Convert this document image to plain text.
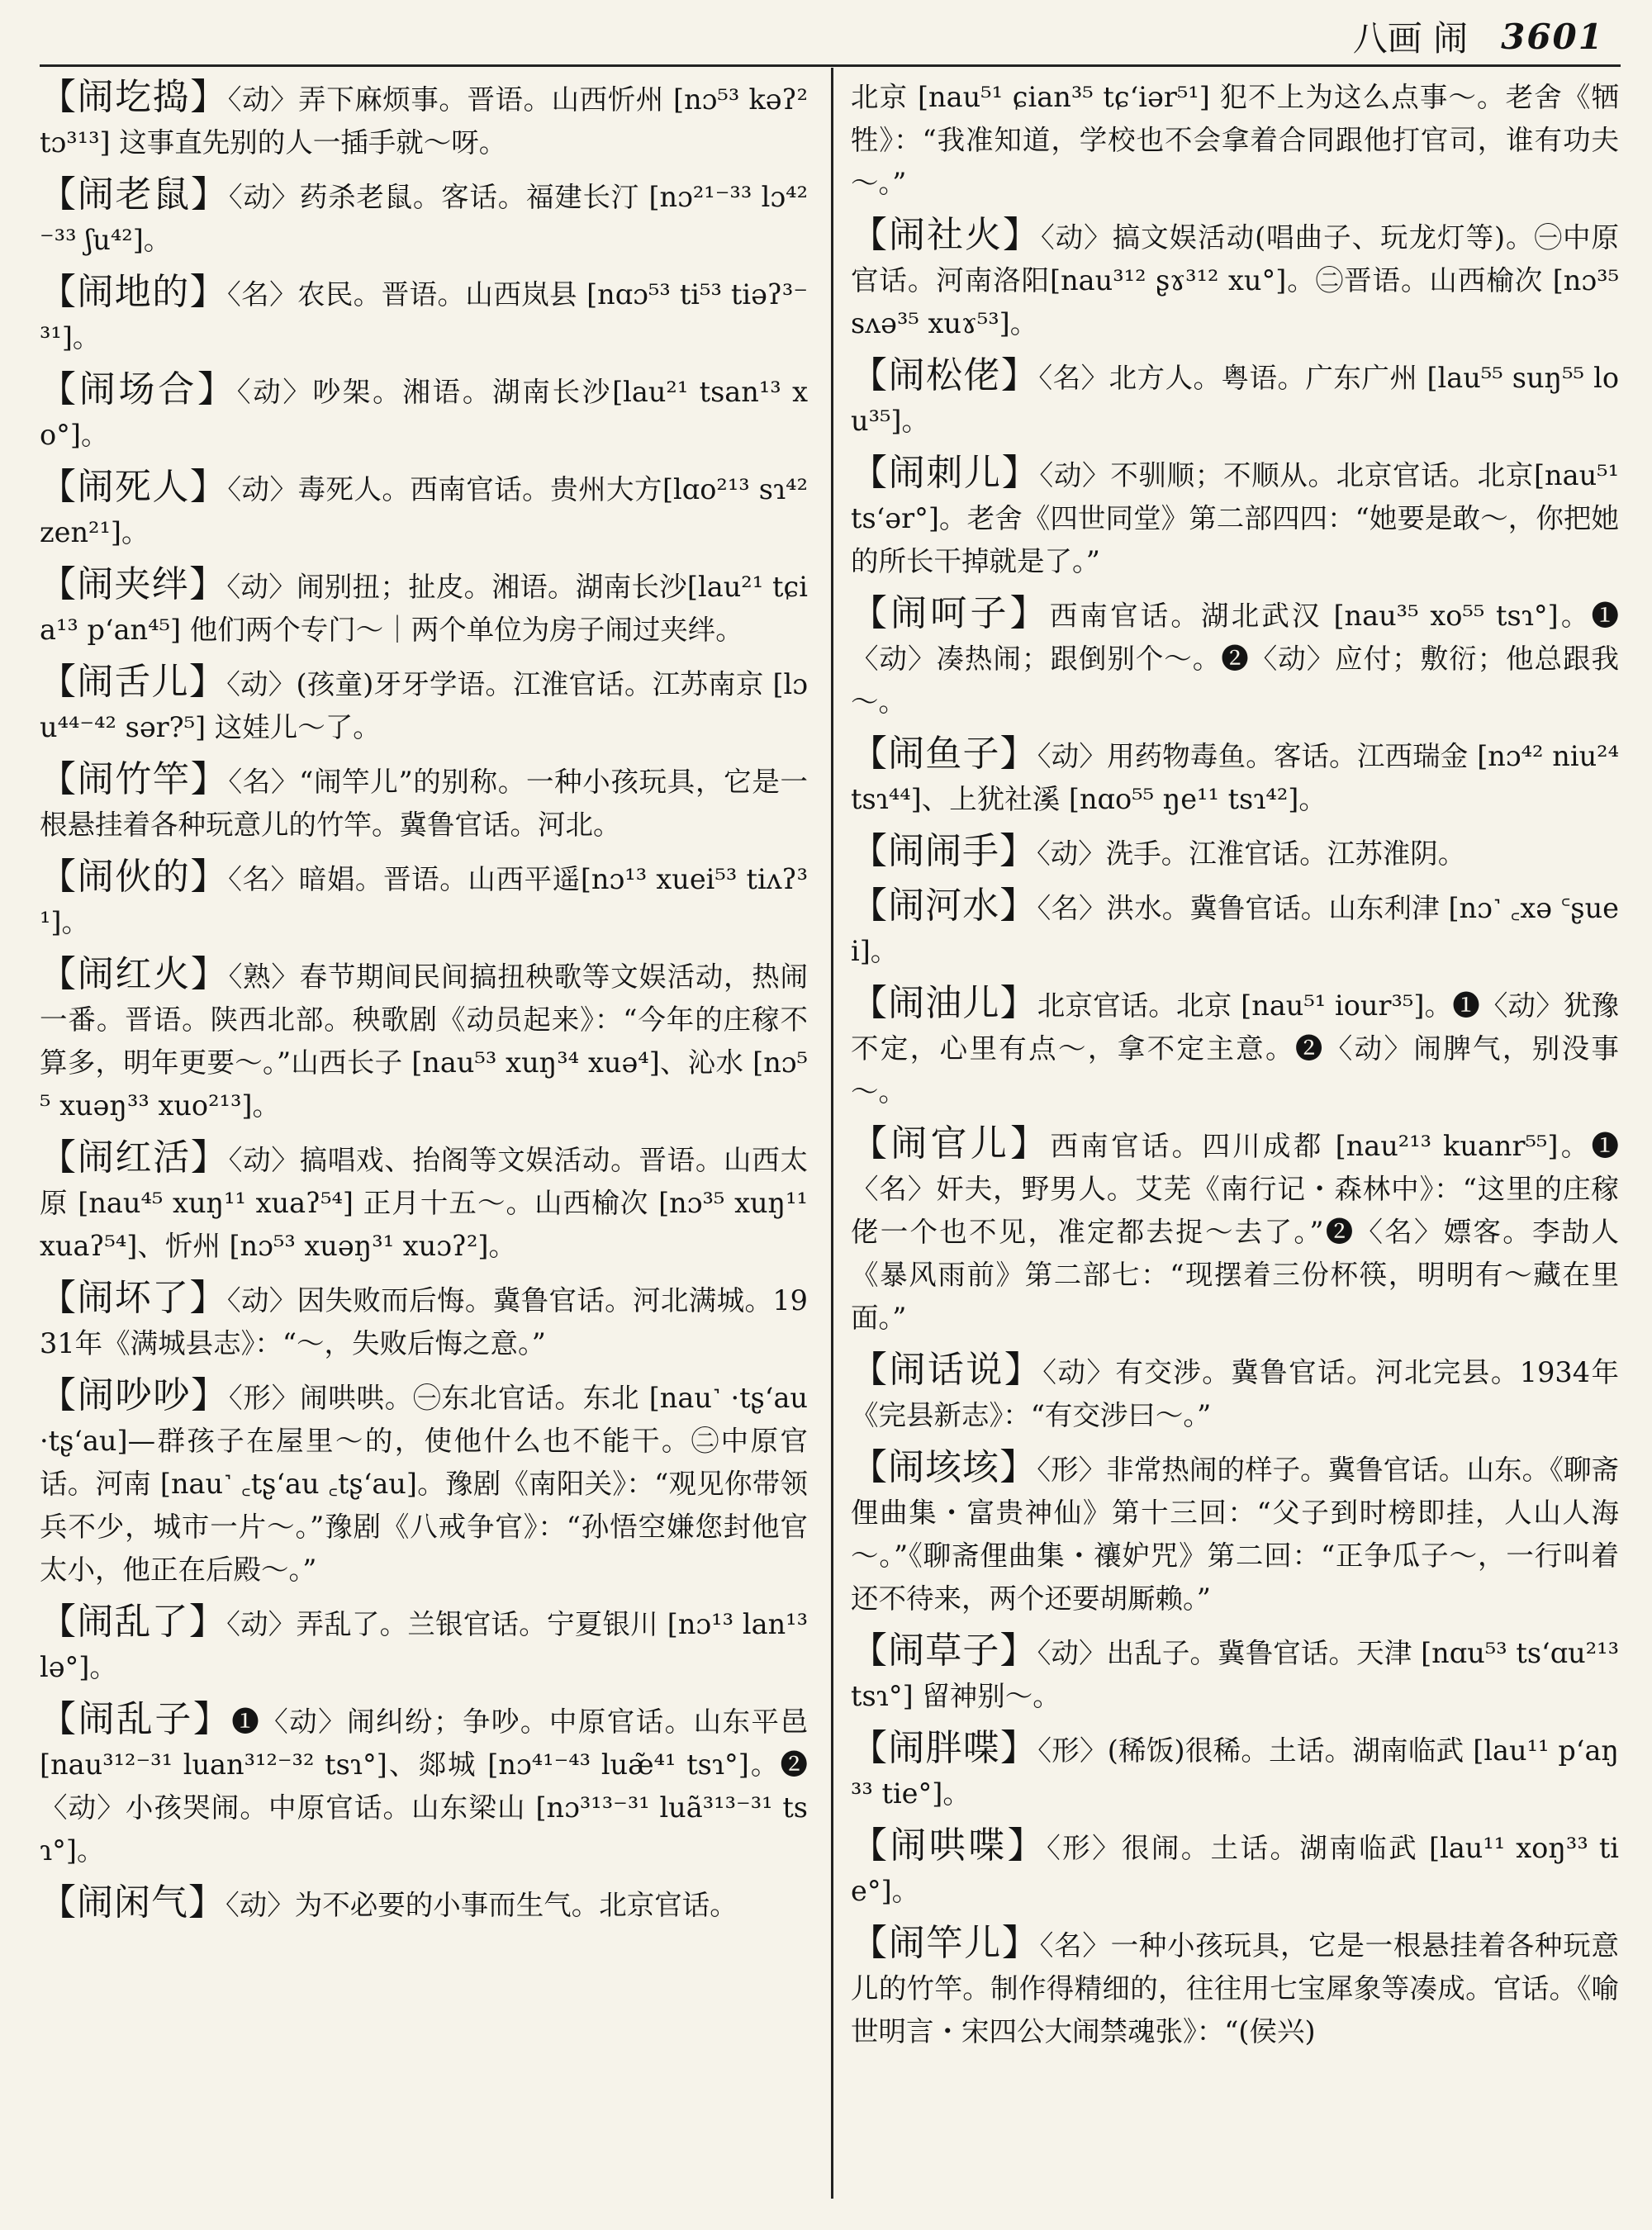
八画 闹 3601
【闹圪捣】〈动〉弄下麻烦事。晋语。山西忻州 [nɔ⁵³ kəʔ² tɔ³¹³] 这事直先别的人一插手就～呀。
【闹老鼠】〈动〉药杀老鼠。客话。福建长汀 [nɔ²¹⁻³³ lɔ⁴²⁻³³ ʃu⁴²]。
【闹地的】〈名〉农民。晋语。山西岚县 [nɑɔ⁵³ ti⁵³ tiəʔ³⁻³¹]。
【闹场合】〈动〉吵架。湘语。湖南长沙[lau²¹ tsan¹³ xo°]。
【闹死人】〈动〉毒死人。西南官话。贵州大方[lɑo²¹³ sɿ⁴² zen²¹]。
【闹夹绊】〈动〉闹别扭；扯皮。湘语。湖南长沙[lau²¹ tɕia¹³ p‘an⁴⁵] 他们两个专门～｜两个单位为房子闹过夹绊。
【闹舌儿】〈动〉(孩童)牙牙学语。江淮官话。江苏南京 [lɔu⁴⁴⁻⁴² sər?⁵] 这娃儿～了。
【闹竹竿】〈名〉“闹竿儿”的别称。一种小孩玩具，它是一根悬挂着各种玩意儿的竹竿。冀鲁官话。河北。
【闹伙的】〈名〉暗娼。晋语。山西平遥[nɔ¹³ xuei⁵³ tiʌʔ³¹]。
【闹红火】〈熟〉春节期间民间搞扭秧歌等文娱活动，热闹一番。晋语。陕西北部。秧歌剧《动员起来》：“今年的庄稼不算多，明年更要～。”山西长子 [nau⁵³ xuŋ³⁴ xuə⁴]、沁水 [nɔ⁵⁵ xuəŋ³³ xuo²¹³]。
【闹红活】〈动〉搞唱戏、抬阁等文娱活动。晋语。山西太原 [nau⁴⁵ xuŋ¹¹ xuaʔ⁵⁴] 正月十五～。山西榆次 [nɔ³⁵ xuŋ¹¹ xuaʔ⁵⁴]、忻州 [nɔ⁵³ xuəŋ³¹ xuɔʔ²]。
【闹坏了】〈动〉因失败而后悔。冀鲁官话。河北满城。1931年《满城县志》：“～，失败后悔之意。”
【闹吵吵】〈形〉闹哄哄。㊀东北官话。东北 [nau˺ ·tʂ‘au ·tʂ‘au]—群孩子在屋里～的，使他什么也不能干。㊁中原官话。河南 [nau˺ ꜀tʂ‘au ꜀tʂ‘au]。豫剧《南阳关》：“观见你带领兵不少，城市一片～。”豫剧《八戒争官》：“孙悟空嫌您封他官太小，他正在后殿～。”
【闹乱了】〈动〉弄乱了。兰银官话。宁夏银川 [nɔ¹³ lan¹³ lə°]。
【闹乱子】❶〈动〉闹纠纷；争吵。中原官话。山东平邑 [nau³¹²⁻³¹ luan³¹²⁻³² tsɿ°]、郯城 [nɔ⁴¹⁻⁴³ luæ̃⁴¹ tsɿ°]。❷〈动〉小孩哭闹。中原官话。山东梁山 [nɔ³¹³⁻³¹ luã³¹³⁻³¹ tsɿ°]。
【闹闲气】〈动〉为不必要的小事而生气。北京官话。
北京 [nau⁵¹ ɕian³⁵ tɕ‘iər⁵¹] 犯不上为这么点事～。老舍《牺牲》：“我准知道，学校也不会拿着合同跟他打官司，谁有功夫～。”
【闹社火】〈动〉搞文娱活动(唱曲子、玩龙灯等)。㊀中原官话。河南洛阳[nau³¹² ʂɤ³¹² xu°]。㊁晋语。山西榆次 [nɔ³⁵ sʌə³⁵ xuɤ⁵³]。
【闹松佬】〈名〉北方人。粤语。广东广州 [lau⁵⁵ suŋ⁵⁵ lou³⁵]。
【闹刺儿】〈动〉不驯顺；不顺从。北京官话。北京[nau⁵¹ ts‘ər°]。老舍《四世同堂》第二部四四：“她要是敢～，你把她的所长干掉就是了。”
【闹呵子】西南官话。湖北武汉 [nau³⁵ xo⁵⁵ tsɿ°]。❶〈动〉凑热闹；跟倒别个～。❷〈动〉应付；敷衍；他总跟我～。
【闹鱼子】〈动〉用药物毒鱼。客话。江西瑞金 [nɔ⁴² niu²⁴ tsɿ⁴⁴]、上犹社溪 [nɑo⁵⁵ ŋe¹¹ tsɿ⁴²]。
【闹闹手】〈动〉洗手。江淮官话。江苏淮阴。
【闹河水】〈名〉洪水。冀鲁官话。山东利津 [nɔ˺ ꜀xə ꜂ʂuei]。
【闹油儿】北京官话。北京 [nau⁵¹ iour³⁵]。❶〈动〉犹豫不定，心里有点～，拿不定主意。❷〈动〉闹脾气，别没事～。
【闹官儿】西南官话。四川成都 [nau²¹³ kuanr⁵⁵]。❶〈名〉奸夫，野男人。艾芜《南行记・森林中》：“这里的庄稼佬一个也不见，准定都去捉～去了。”❷〈名〉嫖客。李劼人《暴风雨前》第二部七：“现摆着三份杯筷，明明有～藏在里面。”
【闹话说】〈动〉有交涉。冀鲁官话。河北完县。1934年《完县新志》：“有交涉曰～。”
【闹垓垓】〈形〉非常热闹的样子。冀鲁官话。山东。《聊斋俚曲集・富贵神仙》第十三回：“父子到时榜即挂，人山人海～。”《聊斋俚曲集・禳妒咒》第二回：“正争瓜子～，一行叫着还不待来，两个还要胡厮赖。”
【闹草子】〈动〉出乱子。冀鲁官话。天津 [nɑu⁵³ ts‘ɑu²¹³ tsɿ°] 留神别～。
【闹胖喋】〈形〉(稀饭)很稀。土话。湖南临武 [lau¹¹ p‘aŋ³³ tie°]。
【闹哄喋】〈形〉很闹。土话。湖南临武 [lau¹¹ xoŋ³³ tie°]。
【闹竿儿】〈名〉一种小孩玩具，它是一根悬挂着各种玩意儿的竹竿。制作得精细的，往往用七宝犀象等凑成。官话。《喻世明言・宋四公大闹禁魂张》：“(侯兴)
